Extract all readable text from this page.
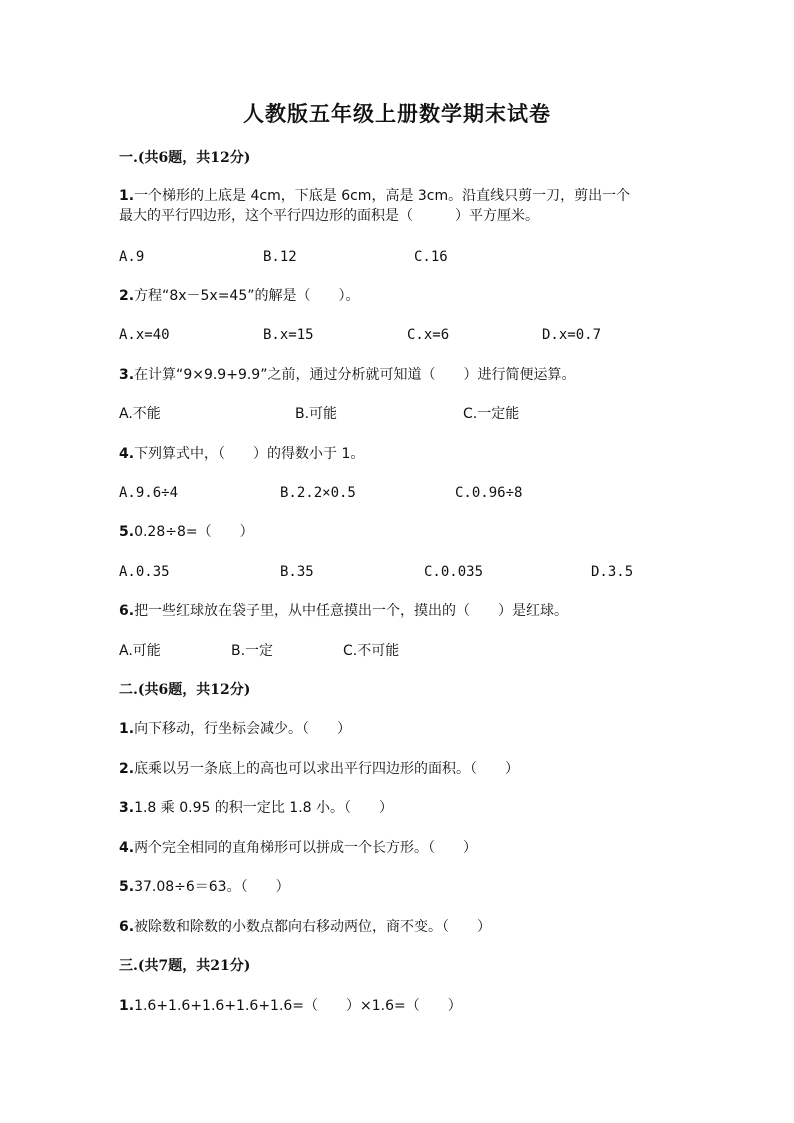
人教版五年级上册数学期末试卷
一.(共6题，共12分)
1.一个梯形的上底是 4cm，下底是 6cm，高是 3cm。沿直线只剪一刀，剪出一个
最大的平行四边形，这个平行四边形的面积是（　　　）平方厘米。
A.9	B.12	C.16
2.方程“8x－5x=45”的解是（　　）。
A.x=40	B.x=15	C.x=6	D.x=0.7
3.在计算“9×9.9+9.9”之前，通过分析就可知道（　　）进行简便运算。
A.不能	B.可能	C.一定能
4.下列算式中，（　　）的得数小于 1。
A.9.6÷4	B.2.2×0.5	C.0.96÷8
5.0.28÷8=（　　）
A.0.35	B.35	C.0.035	D.3.5
6.把一些红球放在袋子里，从中任意摸出一个，摸出的（　　）是红球。
A.可能	B.一定	C.不可能
二.(共6题，共12分)
1.向下移动，行坐标会减少。（　　）
2.底乘以另一条底上的高也可以求出平行四边形的面积。（　　）
3.1.8 乘 0.95 的积一定比 1.8 小。（　　）
4.两个完全相同的直角梯形可以拼成一个长方形。（　　）
5.37.08÷6＝63。（　　）
6.被除数和除数的小数点都向右移动两位，商不变。（　　）
三.(共7题，共21分)
1.1.6+1.6+1.6+1.6+1.6=（　　）×1.6=（　　）
